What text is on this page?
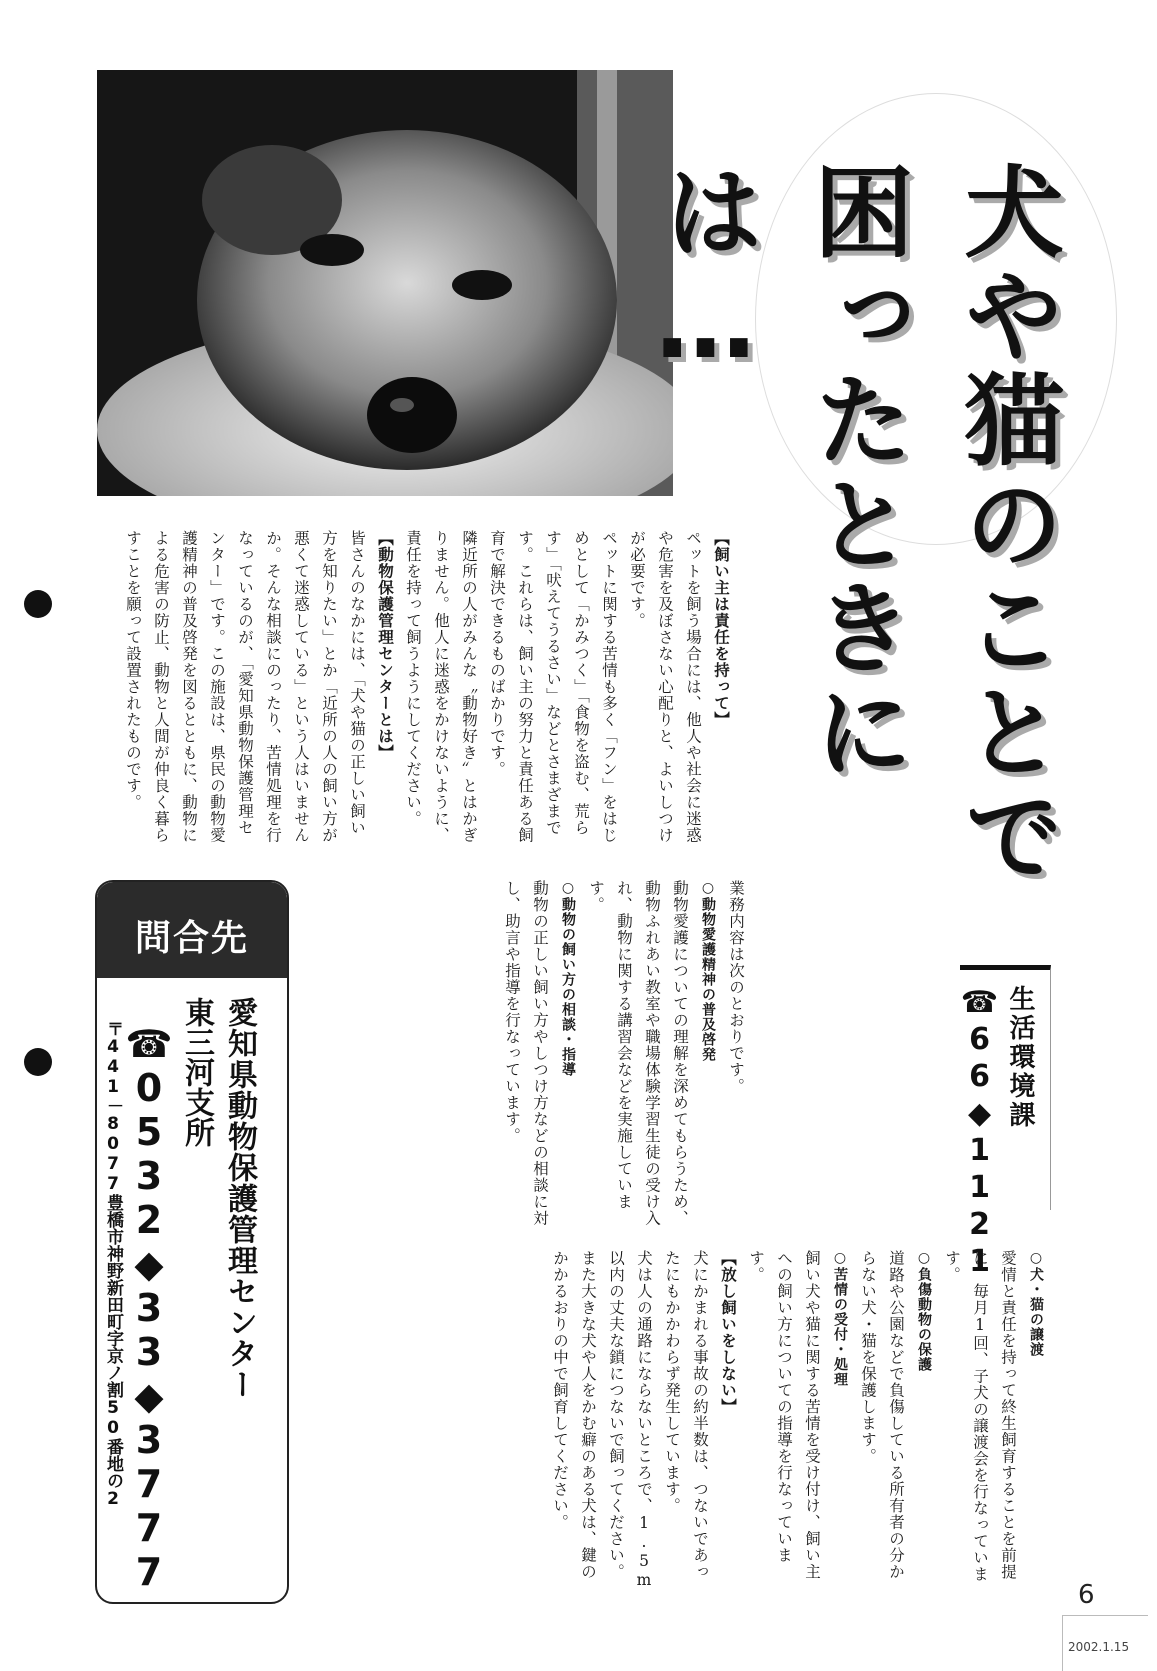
犬や猫のことで
困ったときには…
【飼い主は責任を持って】
ペットを飼う場合には、他人や社会に迷惑や危害を及ぼさない心配りと、よいしつけが必要です。
ペットに関する苦情も多く「フン」をはじめとして「かみつく」「食物を盗む、荒らす」「吠えてうるさい」などとさまざまです。これらは、飼い主の努力と責任ある飼育で解決できるものばかりです。
隣近所の人がみんな〝動物好き〟とはかぎりません。他人に迷惑をかけないように、責任を持って飼うようにしてください。
【動物保護管理センターとは】
皆さんのなかには、「犬や猫の正しい飼い方を知りたい」とか「近所の人の飼い方が悪くて迷惑している」という人はいませんか。そんな相談にのったり、苦情処理を行なっているのが、「愛知県動物保護管理センター」です。この施設は、県民の動物愛護精神の普及啓発を図るとともに、動物による危害の防止、動物と人間が仲良く暮らすことを願って設置されたものです。
業務内容は次のとおりです。
○動物愛護精神の普及啓発
動物愛護についての理解を深めてもらうため、動物ふれあい教室や職場体験学習生徒の受け入れ、動物に関する講習会などを実施しています。
○動物の飼い方の相談・指導
動物の正しい飼い方やしつけ方などの相談に対し、助言や指導を行なっています。
○犬・猫の譲渡
愛情と責任を持って終生飼育することを前提に、毎月1回、子犬の譲渡会を行なっています。
○負傷動物の保護
道路や公園などで負傷している所有者の分からない犬・猫を保護します。
○苦情の受付・処理
飼い犬や猫に関する苦情を受け付け、飼い主への飼い方についての指導を行なっています。
【放し飼いをしない】
犬にかまれる事故の約半数は、つないであったにもかかわらず発生しています。
犬は人の通路にならないところで、1.5m以内の丈夫な鎖につないで飼ってください。また大きな犬や人をかむ癖のある犬は、鍵のかかるおりの中で飼育してください。
生活環境課
☎66◆1121
問合先
愛知県動物保護管理センター
東三河支所
☎0532◆33◆3777
〒441－8077豊橋市神野新田町字京ノ割50番地の2
6
2002.1.15
